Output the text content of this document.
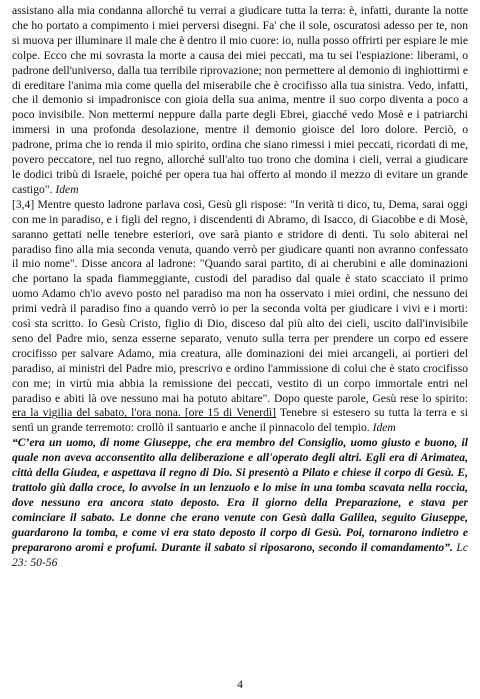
assistano alla mia condanna allorché tu verrai a giudicare tutta la terra: è, infatti, durante la notte che ho portato a compimento i miei perversi disegni. Fa' che il sole, oscuratosi adesso per te, non si muova per illuminare il male che è dentro il mio cuore: io, nulla posso offrirti per espiare le mie colpe. Ecco che mi sovrasta la morte a causa dei miei peccati, ma tu sei l'espiazione: liberami, o padrone dell'universo, dalla tua terribile riprovazione; non permettere al demonio di inghiottirmi e di ereditare l'anima mia come quella del miserabile che è crocifisso alla tua sinistra. Vedo, infatti, che il demonio si impadronisce con gioia della sua anima, mentre il suo corpo diventa a poco a poco invisibile. Non mettermi neppure dalla parte degli Ebrei, giacché vedo Mosè e i patriarchi immersi in una profonda desolazione, mentre il demonio gioisce del loro dolore. Perciò, o padrone, prima che io renda il mio spirito, ordina che siano rimessi i miei peccati, ricordati di me, povero peccatore, nel tuo regno, allorché sull'alto tuo trono che domina i cieli, verrai a giudicare le dodici tribù di Israele, poiché per opera tua hai offerto al mondo il mezzo di evitare un grande castigo". Idem

[3,4] Mentre questo ladrone parlava così, Gesù gli rispose: "In verità ti dico, tu, Dema, sarai oggi con me in paradiso, e i figli del regno, i discendenti di Abramo, di Isacco, di Giacobbe e di Mosè, saranno gettati nelle tenebre esteriori, ove sarà pianto e stridore di denti. Tu solo abiterai nel paradiso fino alla mia seconda venuta, quando verrò per giudicare quanti non avranno confessato il mio nome". Disse ancora al ladrone: "Quando sarai partito, di ai cherubini e alle dominazioni che portano la spada fiammeggiante, custodi del paradiso dal quale è stato scacciato il primo uomo Adamo ch'io avevo posto nel paradiso ma non ha osservato i miei ordini, che nessuno dei primi vedrà il paradiso fino a quando verrò io per la seconda volta per giudicare i vivi e i morti: così sta scritto. Io Gesù Cristo, figlio di Dio, disceso dal più alto dei cieli, uscito dall'invisibile seno del Padre mio, senza esserne separato, venuto sulla terra per prendere un corpo ed essere crocifisso per salvare Adamo, mia creatura, alle dominazioni dei miei arcangeli, ai portieri del paradiso, ai ministri del Padre mio, prescrivo e ordino l'ammissione di colui che è stato crocifisso con me; in virtù mia abbia la remissione dei peccati, vestito di un corpo immortale entri nel paradiso e abiti là ove nessuno mai ha potuto abitare". Dopo queste parole, Gesù rese lo spirito: era la vigilia del sabato, l'ora nona. [ore 15 di Venerdì] Tenebre si estesero su tutta la terra e si sentì un grande terremoto: crollò il santuario e anche il pinnacolo del tempio. Idem

“C’era un uomo, di nome Giuseppe, che era membro del Consiglio, uomo giusto e buono, il quale non aveva acconsentito alla deliberazione e all'operato degli altri. Egli era di Arimatea, città della Giudea, e aspettava il regno di Dio. Si presentò a Pilato e chiese il corpo di Gesù. E, trattolo giù dalla croce, lo avvolse in un lenzuolo e lo mise in una tomba scavata nella roccia, dove nessuno era ancora stato deposto. Era il giorno della Preparazione, e stava per cominciare il sabato. Le donne che erano venute con Gesù dalla Galilea, seguito Giuseppe, guardarono la tomba, e come vi era stato deposto il corpo di Gesù. Poi, tornarono indietro e prepararono aromi e profumi. Durante il sabato si riposarono, secondo il comandamento”. Lc 23: 50-56

4
